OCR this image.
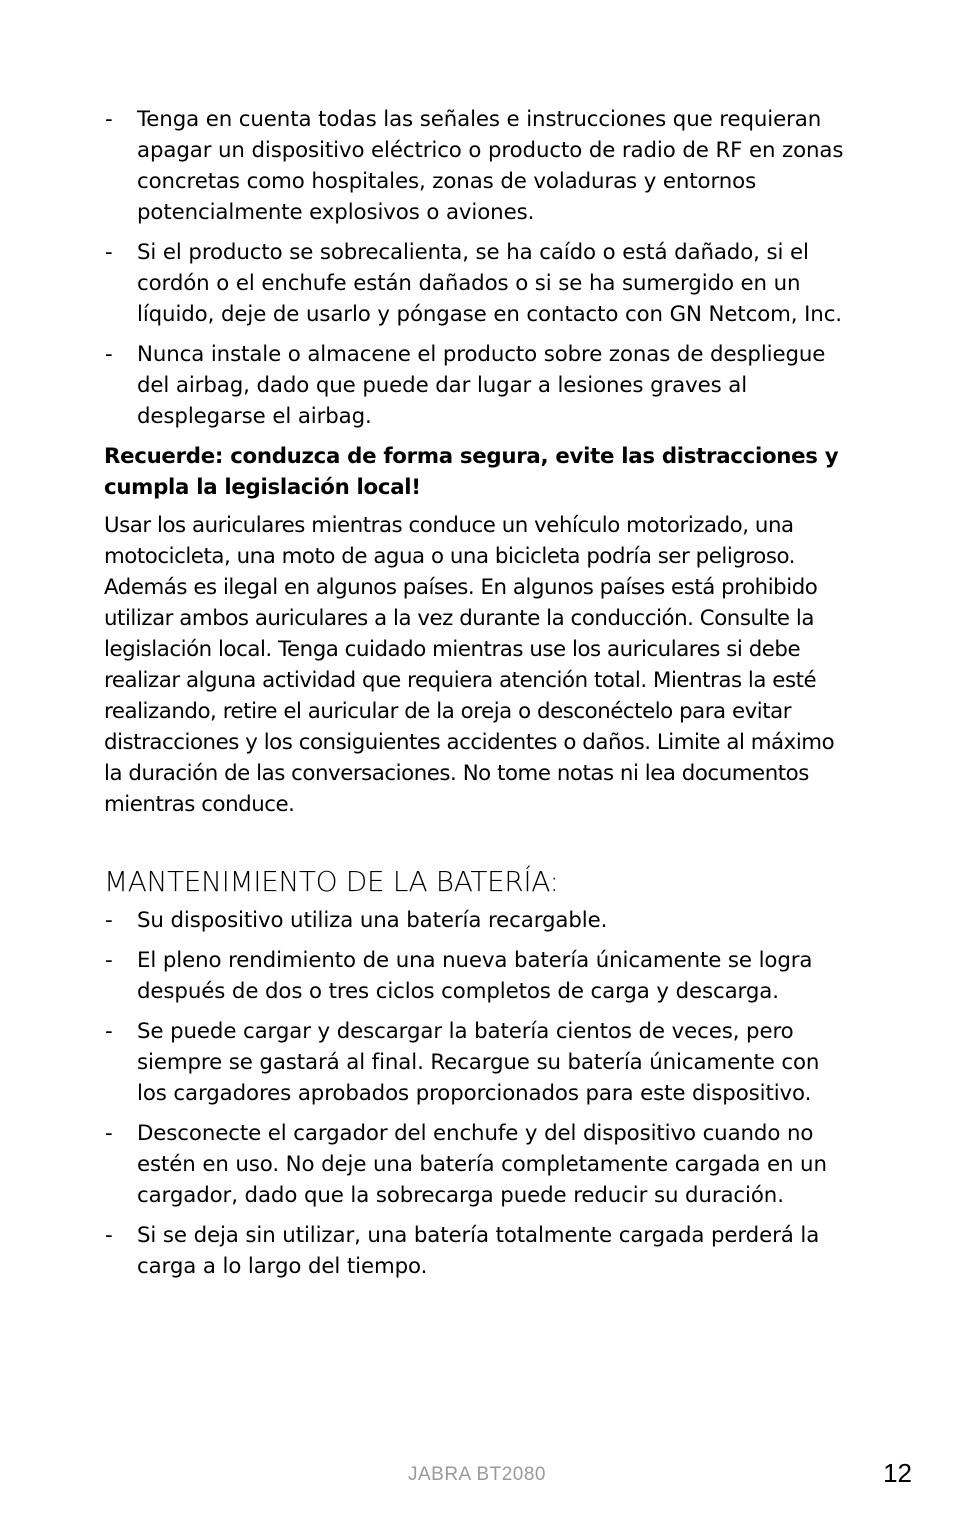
- Tenga en cuenta todas las señales e instrucciones que requieran apagar un dispositivo eléctrico o producto de radio de RF en zonas concretas como hospitales, zonas de voladuras y entornos potencialmente explosivos o aviones.
- Si el producto se sobrecalienta, se ha caído o está dañado, si el cordón o el enchufe están dañados o si se ha sumergido en un líquido, deje de usarlo y póngase en contacto con GN Netcom, Inc.
- Nunca instale o almacene el producto sobre zonas de despliegue del airbag, dado que puede dar lugar a lesiones graves al desplegarse el airbag.

Recuerde: conduzca de forma segura, evite las distracciones y cumpla la legislación local!

Usar los auriculares mientras conduce un vehículo motorizado, una motocicleta, una moto de agua o una bicicleta podría ser peligroso. Además es ilegal en algunos países. En algunos países está prohibido utilizar ambos auriculares a la vez durante la conducción. Consulte la legislación local. Tenga cuidado mientras use los auriculares si debe realizar alguna actividad que requiera atención total. Mientras la esté realizando, retire el auricular de la oreja o desconéctelo para evitar distracciones y los consiguientes accidentes o daños. Limite al máximo la duración de las conversaciones. No tome notas ni lea documentos mientras conduce.

MANTENIMIENTO DE LA BATERÍA:
- Su dispositivo utiliza una batería recargable.
- El pleno rendimiento de una nueva batería únicamente se logra después de dos o tres ciclos completos de carga y descarga.
- Se puede cargar y descargar la batería cientos de veces, pero siempre se gastará al final. Recargue su batería únicamente con los cargadores aprobados proporcionados para este dispositivo.
- Desconecte el cargador del enchufe y del dispositivo cuando no estén en uso. No deje una batería completamente cargada en un cargador, dado que la sobrecarga puede reducir su duración.
- Si se deja sin utilizar, una batería totalmente cargada perderá la carga a lo largo del tiempo.
JABRA BT2080	12
